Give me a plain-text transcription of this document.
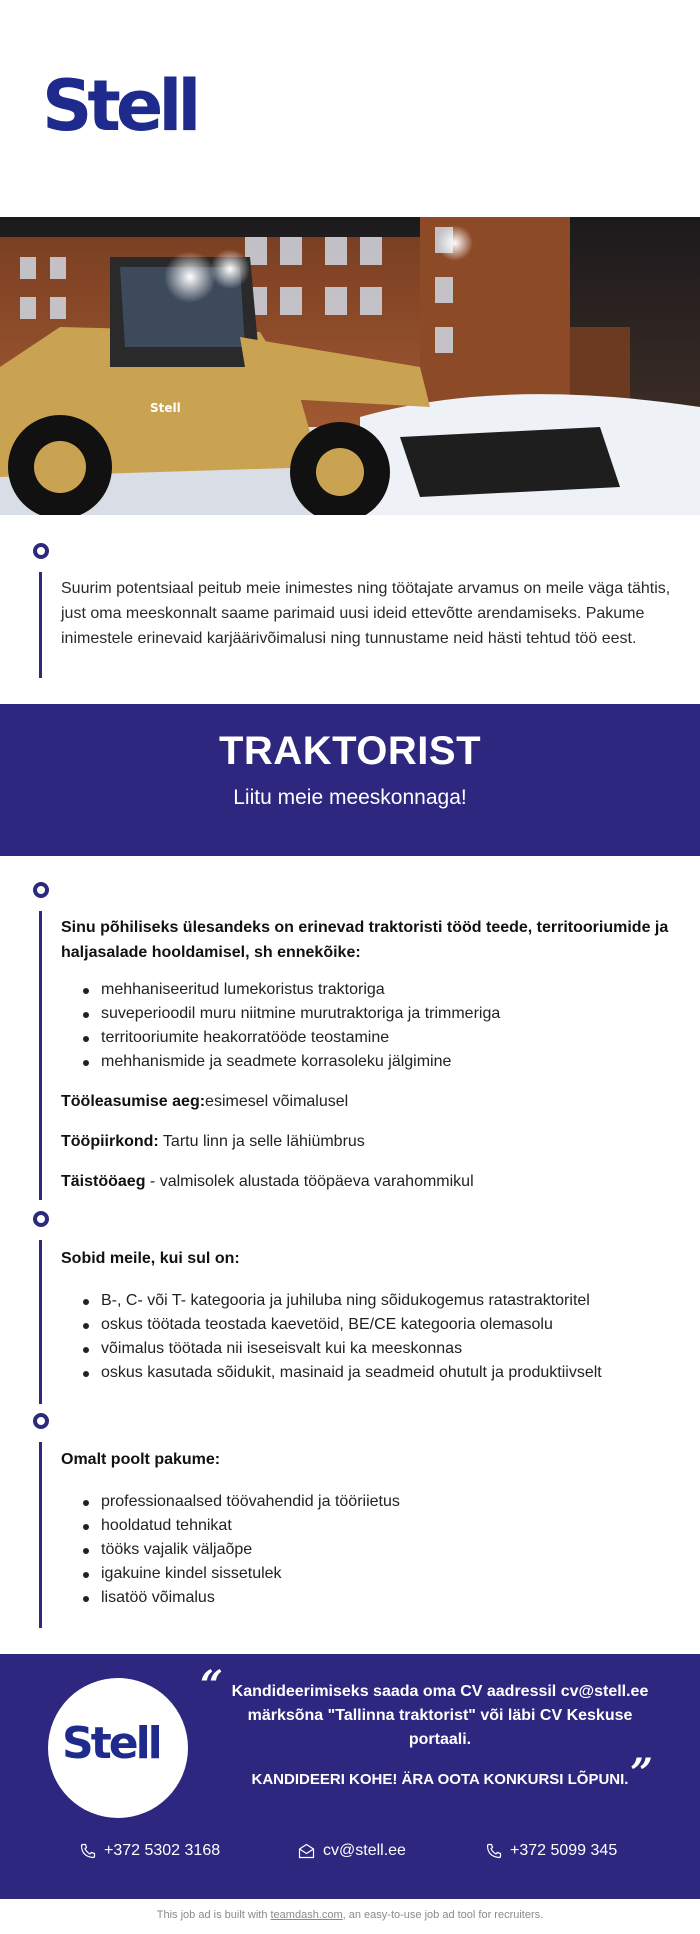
Stell
Stell

Suurim potentsiaal peitub meie inimestes ning töötajate arvamus on meile väga tähtis, just oma meeskonnalt saame parimaid uusi ideid ettevõtte arendamiseks. Pakume inimestele erinevaid karjäärivõimalusi ning tunnustame neid hästi tehtud töö eest.

TRAKTORIST
Liitu meie meeskonnaga!

Sinu põhiliseks ülesandeks on erinevad traktoristi tööd teede, territooriumide ja haljasalade hooldamisel, sh ennekõike:

mehhaniseeritud lumekoristus traktoriga
suveperioodil muru niitmine murutraktoriga ja trimmeriga
territooriumite heakorratööde teostamine
mehhanismide ja seadmete korrasoleku jälgimine

Tööleasumise aeg:esimesel võimalusel

Tööpiirkond: Tartu linn ja selle lähiümbrus

Täistööaeg - valmisolek alustada tööpäeva varahommikul

Sobid meile, kui sul on:

B-, C- või T- kategooria ja juhiluba ning sõidukogemus ratastraktoritel
oskus töötada teostada kaevetöid, BE/CE kategooria olemasolu
võimalus töötada nii iseseisvalt kui ka meeskonnas
oskus kasutada sõidukit, masinaid ja seadmeid ohutult ja produktiivselt

Omalt poolt pakume:

professionaalsed töövahendid ja tööriietus
hooldatud tehnikat
tööks vajalik väljaõpe
igakuine kindel sissetulek
lisatöö võimalus
Stell
“ Kandideerimiseks saada oma CV aadressil cv@stell.ee
märksõna "Tallinna traktorist" või läbi CV Keskuse
portaali.
KANDIDEERI KOHE! ÄRA OOTA KONKURSI LÕPUNI. ”
+372 5302 3168	cv@stell.ee	+372 5099 345
This job ad is built with teamdash.com, an easy-to-use job ad tool for recruiters.
